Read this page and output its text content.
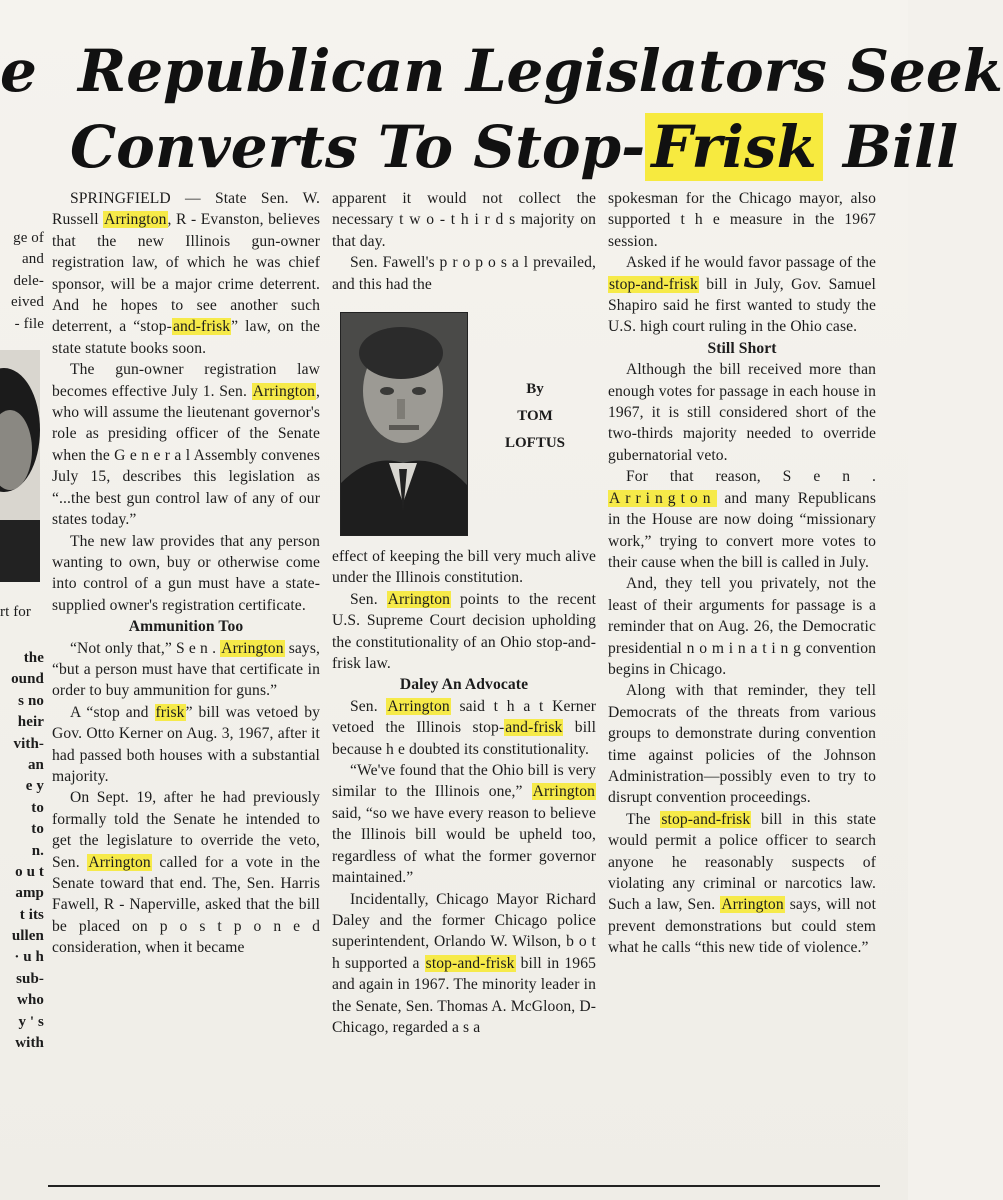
e Republican Legislators Seek
Converts To Stop- Frisk Bill
ge of
and
dele-
eived
- file
rt for
the
ound
s no
heir
vith-
an
e y
to
to
n.
o u t
amp
t its
ullen
· u h
sub-
who
y ' s
with

SPRINGFIELD — State Sen. W. Russell Arrington, R - Evanston, believes that the new Illinois gun-owner registration law, of which he was chief sponsor, will be a major crime deterrent. And he hopes to see another such deterrent, a “stop-and-frisk” law, on the state statute books soon.

The gun-owner registration law becomes effective July 1. Sen. Arrington, who will assume the lieutenant governor's role as presiding officer of the Senate when the G e n e r a l Assembly convenes July 15, describes this legislation as “...the best gun control law of any of our states today.”

The new law provides that any person wanting to own, buy or otherwise come into control of a gun must have a state-supplied owner's registration certificate.

Ammunition Too

“Not only that,” S e n . Arrington says, “but a person must have that certificate in order to buy ammunition for guns.”

A “stop and frisk” bill was vetoed by Gov. Otto Kerner on Aug. 3, 1967, after it had passed both houses with a substantial majority.

On Sept. 19, after he had previously formally told the Senate he intended to get the legislature to override the veto, Sen. Arrington called for a vote in the Senate toward that end. The, Sen. Harris Fawell, R - Naperville, asked that the bill be placed on p o s t p o n e d consideration, when it became

apparent it would not collect the necessary t w o - t h i r d s majority on that day.

Sen. Fawell's p r o p o s a l prevailed, and this had the

By
TOM
LOFTUS

effect of keeping the bill very much alive under the Illinois constitution.

Sen. Arrington points to the recent U.S. Supreme Court decision upholding the constitutionality of an Ohio stop-and-frisk law.

Daley An Advocate

Sen. Arrington said t h a t Kerner vetoed the Illinois stop-and-frisk bill because h e doubted its constitutionality.

“We've found that the Ohio bill is very similar to the Illinois one,” Arrington said, “so we have every reason to believe the Illinois bill would be upheld too, regardless of what the former governor maintained.”

Incidentally, Chicago Mayor Richard Daley and the former Chicago police superintendent, Orlando W. Wilson, b o t h supported a stop-and-frisk bill in 1965 and again in 1967. The minority leader in the Senate, Sen. Thomas A. McGloon, D-Chicago, regarded a s a

spokesman for the Chicago mayor, also supported t h e measure in the 1967 session.

Asked if he would favor passage of the stop-and-frisk bill in July, Gov. Samuel Shapiro said he first wanted to study the U.S. high court ruling in the Ohio case.

Still Short

Although the bill received more than enough votes for passage in each house in 1967, it is still considered short of the two-thirds majority needed to override gubernatorial veto.

For that reason, S e n . Arrington and many Republicans in the House are now doing “missionary work,” trying to convert more votes to their cause when the bill is called in July.

And, they tell you privately, not the least of their arguments for passage is a reminder that on Aug. 26, the Democratic presidential n o m i n a t i n g convention begins in Chicago.

Along with that reminder, they tell Democrats of the threats from various groups to demonstrate during convention time against policies of the Johnson Administration—possibly even to try to disrupt convention proceedings.

The stop-and-frisk bill in this state would permit a police officer to search anyone he reasonably suspects of violating any criminal or narcotics law. Such a law, Sen. Arrington says, will not prevent demonstrations but could stem what he calls “this new tide of violence.”
